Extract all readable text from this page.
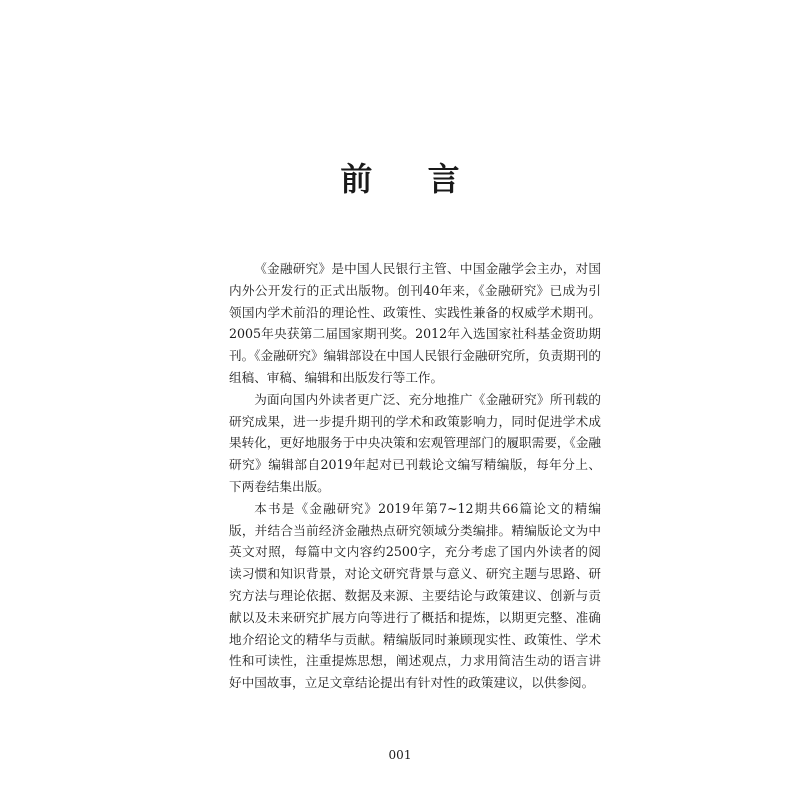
前 言

《金融研究》是中国人民银行主管、中国金融学会主办，对国内外公开发行的正式出版物。创刊40年来，《金融研究》已成为引领国内学术前沿的理论性、政策性、实践性兼备的权威学术期刊。2005年央获第二届国家期刊奖。2012年入选国家社科基金资助期刊。《金融研究》编辑部设在中国人民银行金融研究所，负责期刊的组稿、审稿、编辑和出版发行等工作。

为面向国内外读者更广泛、充分地推广《金融研究》所刊载的研究成果，进一步提升期刊的学术和政策影响力，同时促进学术成果转化，更好地服务于中央决策和宏观管理部门的履职需要，《金融研究》编辑部自2019年起对已刊载论文编写精编版，每年分上、下两卷结集出版。

本书是《金融研究》2019年第7~12期共66篇论文的精编版，并结合当前经济金融热点研究领域分类编排。精编版论文为中英文对照，每篇中文内容约2500字，充分考虑了国内外读者的阅读习惯和知识背景，对论文研究背景与意义、研究主题与思路、研究方法与理论依据、数据及来源、主要结论与政策建议、创新与贡献以及未来研究扩展方向等进行了概括和提炼，以期更完整、准确地介绍论文的精华与贡献。精编版同时兼顾现实性、政策性、学术性和可读性，注重提炼思想，阐述观点，力求用简洁生动的语言讲好中国故事，立足文章结论提出有针对性的政策建议，以供参阅。

001
